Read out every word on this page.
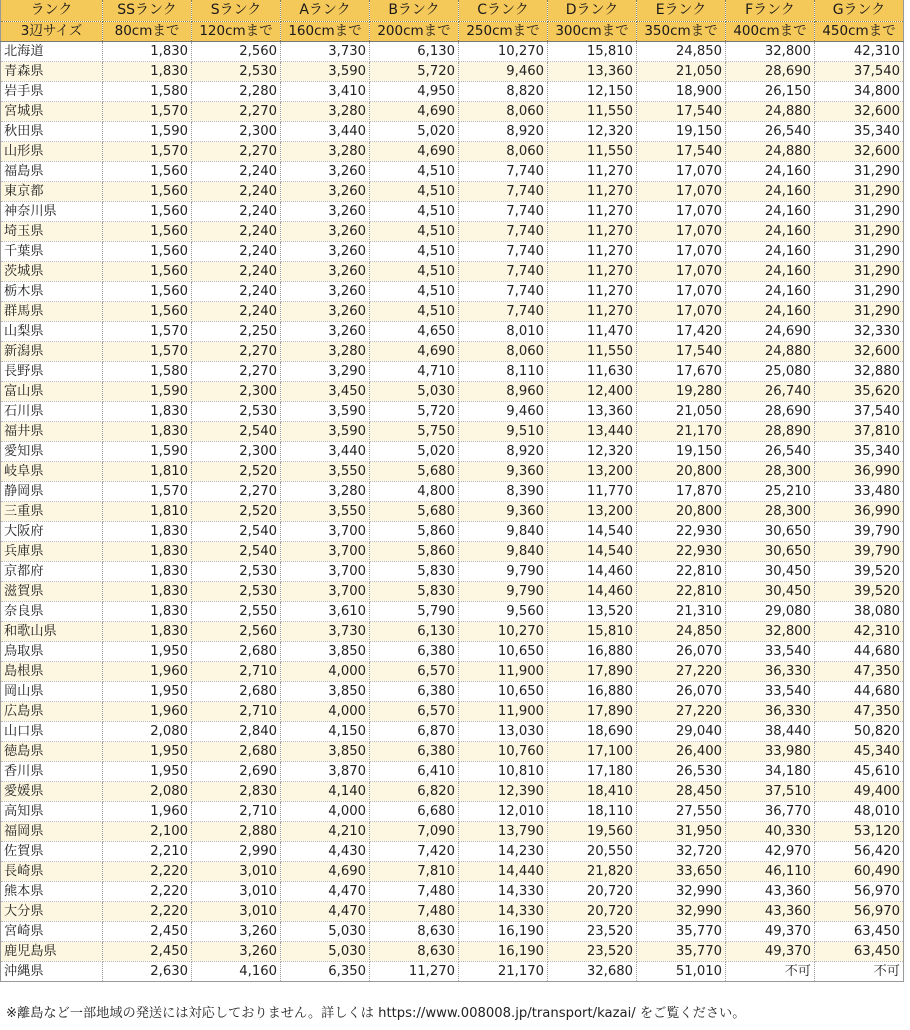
ランク	SSランク	Sランク	Aランク	Bランク	Cランク	Dランク	Eランク	Fランク	Gランク
3辺サイズ	80cmまで	120cmまで	160cmまで	200cmまで	250cmまで	300cmまで	350cmまで	400cmまで	450cmまで
北海道	1,830	2,560	3,730	6,130	10,270	15,810	24,850	32,800	42,310
青森県	1,830	2,530	3,590	5,720	9,460	13,360	21,050	28,690	37,540
岩手県	1,580	2,280	3,410	4,950	8,820	12,150	18,900	26,150	34,800
宮城県	1,570	2,270	3,280	4,690	8,060	11,550	17,540	24,880	32,600
秋田県	1,590	2,300	3,440	5,020	8,920	12,320	19,150	26,540	35,340
山形県	1,570	2,270	3,280	4,690	8,060	11,550	17,540	24,880	32,600
福島県	1,560	2,240	3,260	4,510	7,740	11,270	17,070	24,160	31,290
東京都	1,560	2,240	3,260	4,510	7,740	11,270	17,070	24,160	31,290
神奈川県	1,560	2,240	3,260	4,510	7,740	11,270	17,070	24,160	31,290
埼玉県	1,560	2,240	3,260	4,510	7,740	11,270	17,070	24,160	31,290
千葉県	1,560	2,240	3,260	4,510	7,740	11,270	17,070	24,160	31,290
茨城県	1,560	2,240	3,260	4,510	7,740	11,270	17,070	24,160	31,290
栃木県	1,560	2,240	3,260	4,510	7,740	11,270	17,070	24,160	31,290
群馬県	1,560	2,240	3,260	4,510	7,740	11,270	17,070	24,160	31,290
山梨県	1,570	2,250	3,260	4,650	8,010	11,470	17,420	24,690	32,330
新潟県	1,570	2,270	3,280	4,690	8,060	11,550	17,540	24,880	32,600
長野県	1,580	2,270	3,290	4,710	8,110	11,630	17,670	25,080	32,880
富山県	1,590	2,300	3,450	5,030	8,960	12,400	19,280	26,740	35,620
石川県	1,830	2,530	3,590	5,720	9,460	13,360	21,050	28,690	37,540
福井県	1,830	2,540	3,590	5,750	9,510	13,440	21,170	28,890	37,810
愛知県	1,590	2,300	3,440	5,020	8,920	12,320	19,150	26,540	35,340
岐阜県	1,810	2,520	3,550	5,680	9,360	13,200	20,800	28,300	36,990
静岡県	1,570	2,270	3,280	4,800	8,390	11,770	17,870	25,210	33,480
三重県	1,810	2,520	3,550	5,680	9,360	13,200	20,800	28,300	36,990
大阪府	1,830	2,540	3,700	5,860	9,840	14,540	22,930	30,650	39,790
兵庫県	1,830	2,540	3,700	5,860	9,840	14,540	22,930	30,650	39,790
京都府	1,830	2,530	3,700	5,830	9,790	14,460	22,810	30,450	39,520
滋賀県	1,830	2,530	3,700	5,830	9,790	14,460	22,810	30,450	39,520
奈良県	1,830	2,550	3,610	5,790	9,560	13,520	21,310	29,080	38,080
和歌山県	1,830	2,560	3,730	6,130	10,270	15,810	24,850	32,800	42,310
鳥取県	1,950	2,680	3,850	6,380	10,650	16,880	26,070	33,540	44,680
島根県	1,960	2,710	4,000	6,570	11,900	17,890	27,220	36,330	47,350
岡山県	1,950	2,680	3,850	6,380	10,650	16,880	26,070	33,540	44,680
広島県	1,960	2,710	4,000	6,570	11,900	17,890	27,220	36,330	47,350
山口県	2,080	2,840	4,150	6,870	13,030	18,690	29,040	38,440	50,820
徳島県	1,950	2,680	3,850	6,380	10,760	17,100	26,400	33,980	45,340
香川県	1,950	2,690	3,870	6,410	10,810	17,180	26,530	34,180	45,610
愛媛県	2,080	2,830	4,140	6,820	12,390	18,410	28,450	37,510	49,400
高知県	1,960	2,710	4,000	6,680	12,010	18,110	27,550	36,770	48,010
福岡県	2,100	2,880	4,210	7,090	13,790	19,560	31,950	40,330	53,120
佐賀県	2,210	2,990	4,430	7,420	14,230	20,550	32,720	42,970	56,420
長崎県	2,220	3,010	4,690	7,810	14,440	21,820	33,650	46,110	60,490
熊本県	2,220	3,010	4,470	7,480	14,330	20,720	32,990	43,360	56,970
大分県	2,220	3,010	4,470	7,480	14,330	20,720	32,990	43,360	56,970
宮崎県	2,450	3,260	5,030	8,630	16,190	23,520	35,770	49,370	63,450
鹿児島県	2,450	3,260	5,030	8,630	16,190	23,520	35,770	49,370	63,450
沖縄県	2,630	4,160	6,350	11,270	21,170	32,680	51,010	不可	不可
※離島など一部地域の発送には対応しておりません。詳しくは https://www.008008.jp/transport/kazai/ をご覧ください。
